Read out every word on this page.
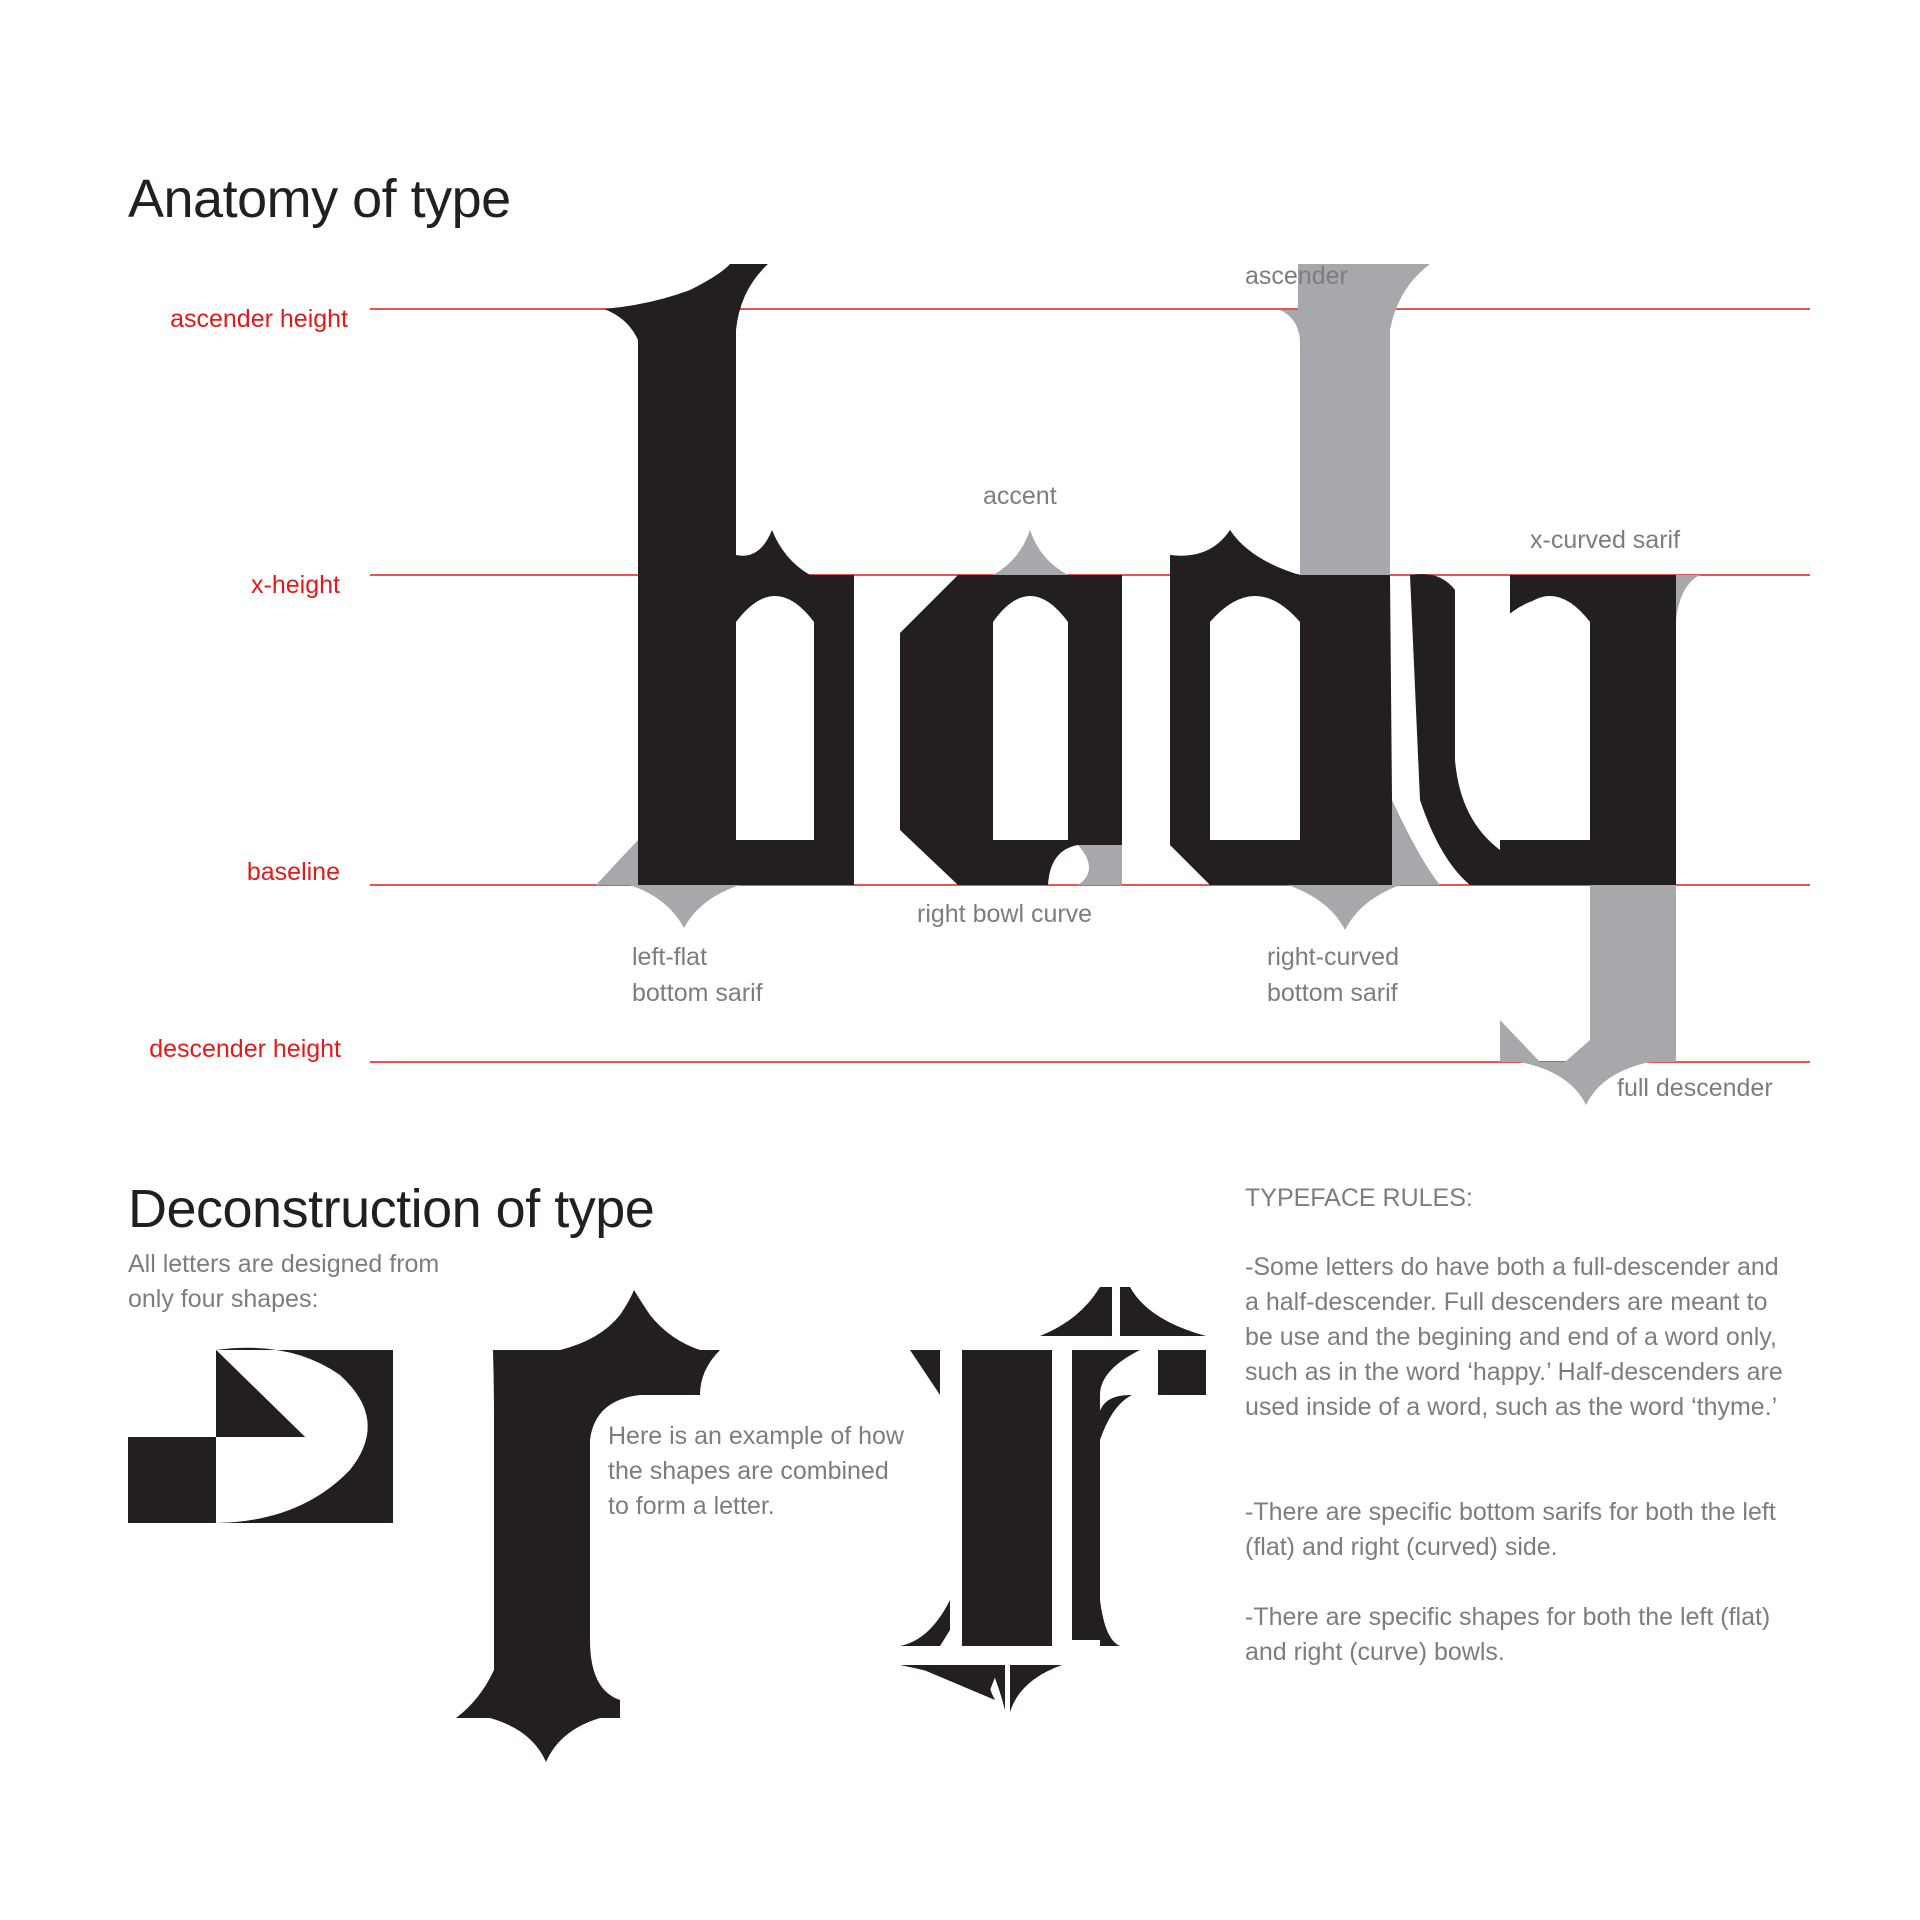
Anatomy of type
ascender height
x-height
baseline
descender height
ascender
accent
x-curved sarif
right bowl curve
left-flat
bottom sarif
right-curved
bottom sarif
full descender
Deconstruction of type
All letters are designed from
only four shapes:
Here is an example of how
the shapes are combined
to form a letter.
TYPEFACE RULES:
-Some letters do have both a full-descender and a half-descender. Full descenders are meant to be use and the begining and end of a word only, such as in the word ‘happy.’ Half-descenders are used inside of a word, such as the word ‘thyme.’
-There are specific bottom sarifs for both the left (flat) and right (curved) side.
-There are specific shapes for both the left (flat) and right (curve) bowls.
